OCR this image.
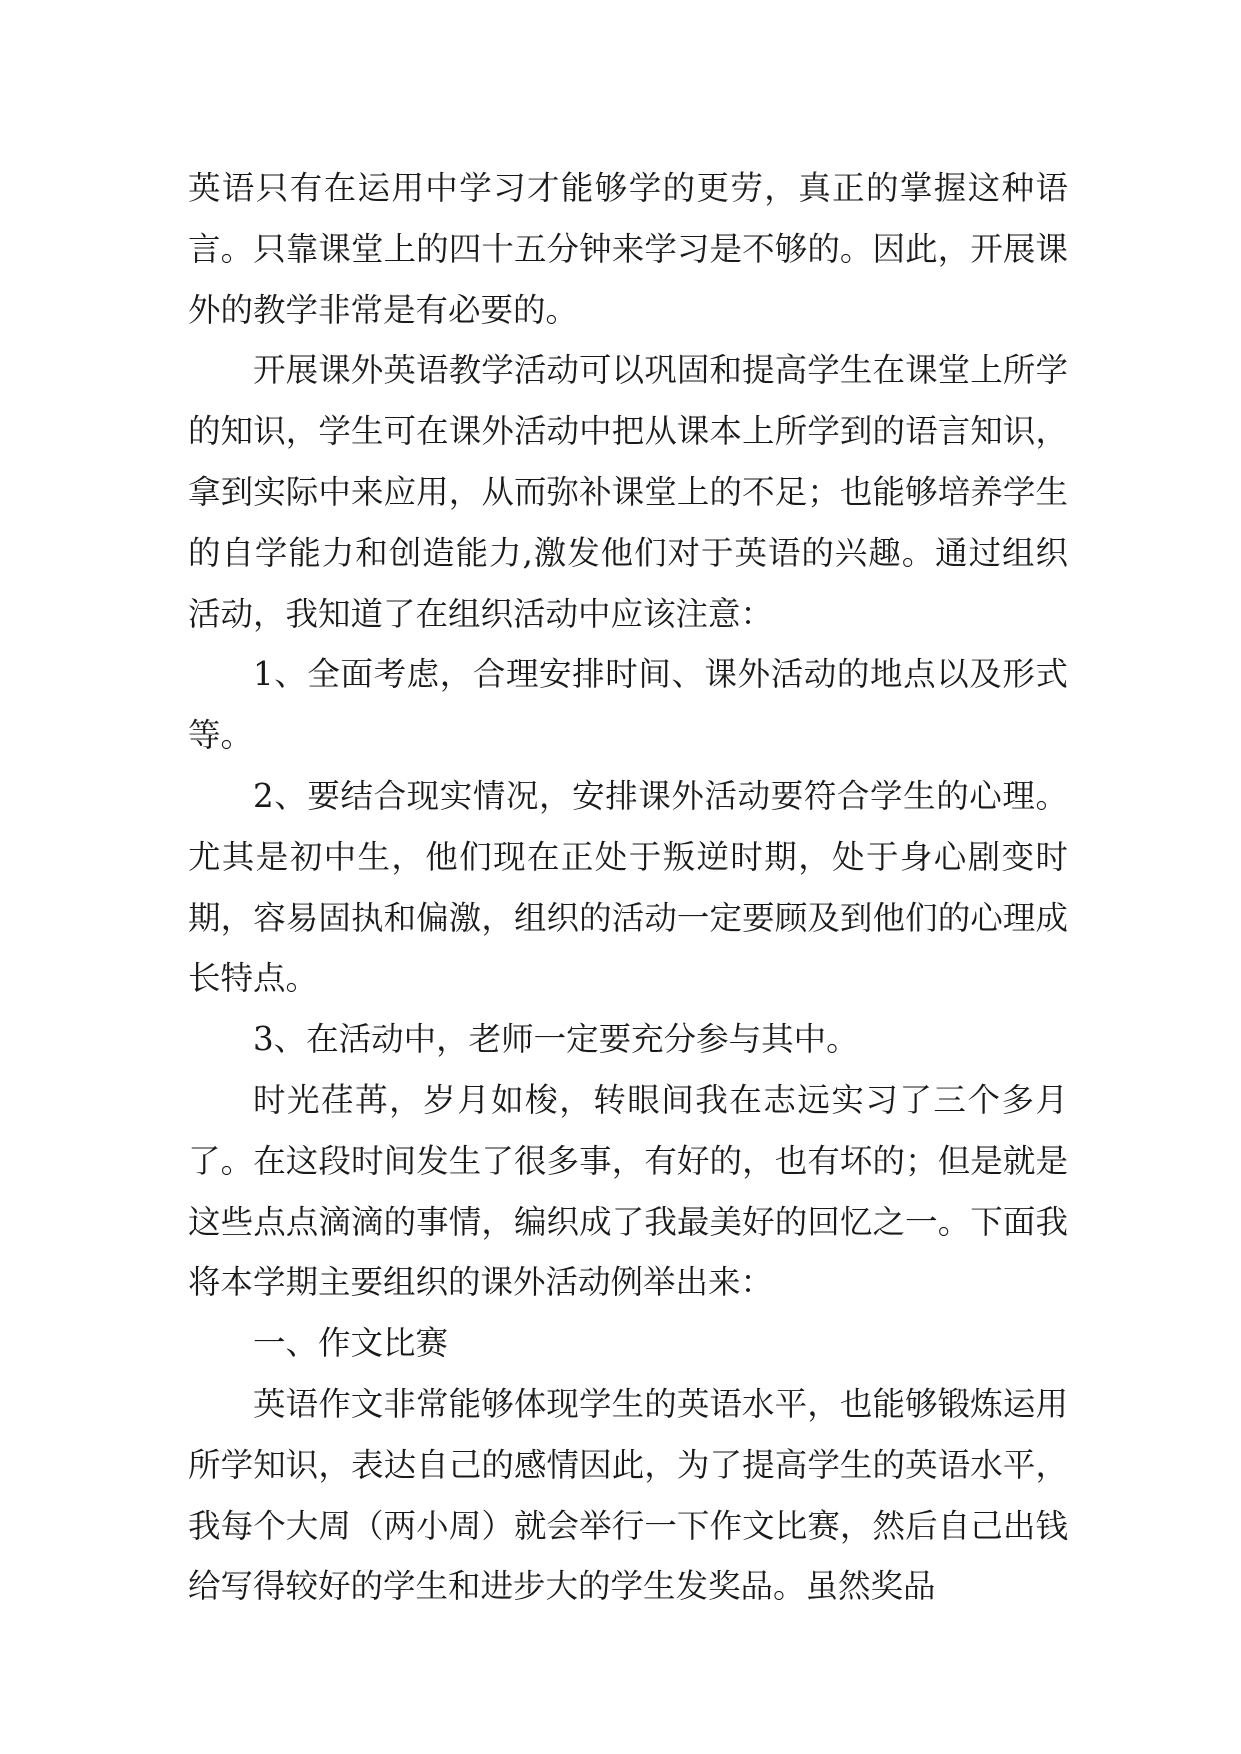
英语只有在运用中学习才能够学的更劳，真正的掌握这种语言。只靠课堂上的四十五分钟来学习是不够的。因此，开展课外的教学非常是有必要的。

开展课外英语教学活动可以巩固和提高学生在课堂上所学的知识，学生可在课外活动中把从课本上所学到的语言知识，拿到实际中来应用，从而弥补课堂上的不足；也能够培养学生的自学能力和创造能力,激发他们对于英语的兴趣。通过组织活动，我知道了在组织活动中应该注意：

1、全面考虑，合理安排时间、课外活动的地点以及形式等。

2、要结合现实情况，安排课外活动要符合学生的心理。尤其是初中生，他们现在正处于叛逆时期，处于身心剧变时期，容易固执和偏激，组织的活动一定要顾及到他们的心理成长特点。

3、在活动中，老师一定要充分参与其中。

时光荏苒，岁月如梭，转眼间我在志远实习了三个多月了。在这段时间发生了很多事，有好的，也有坏的；但是就是这些点点滴滴的事情，编织成了我最美好的回忆之一。下面我将本学期主要组织的课外活动例举出来：

一、作文比赛

英语作文非常能够体现学生的英语水平，也能够锻炼运用所学知识，表达自己的感情因此，为了提高学生的英语水平，我每个大周（两小周）就会举行一下作文比赛，然后自己出钱给写得较好的学生和进步大的学生发奖品。虽然奖品
